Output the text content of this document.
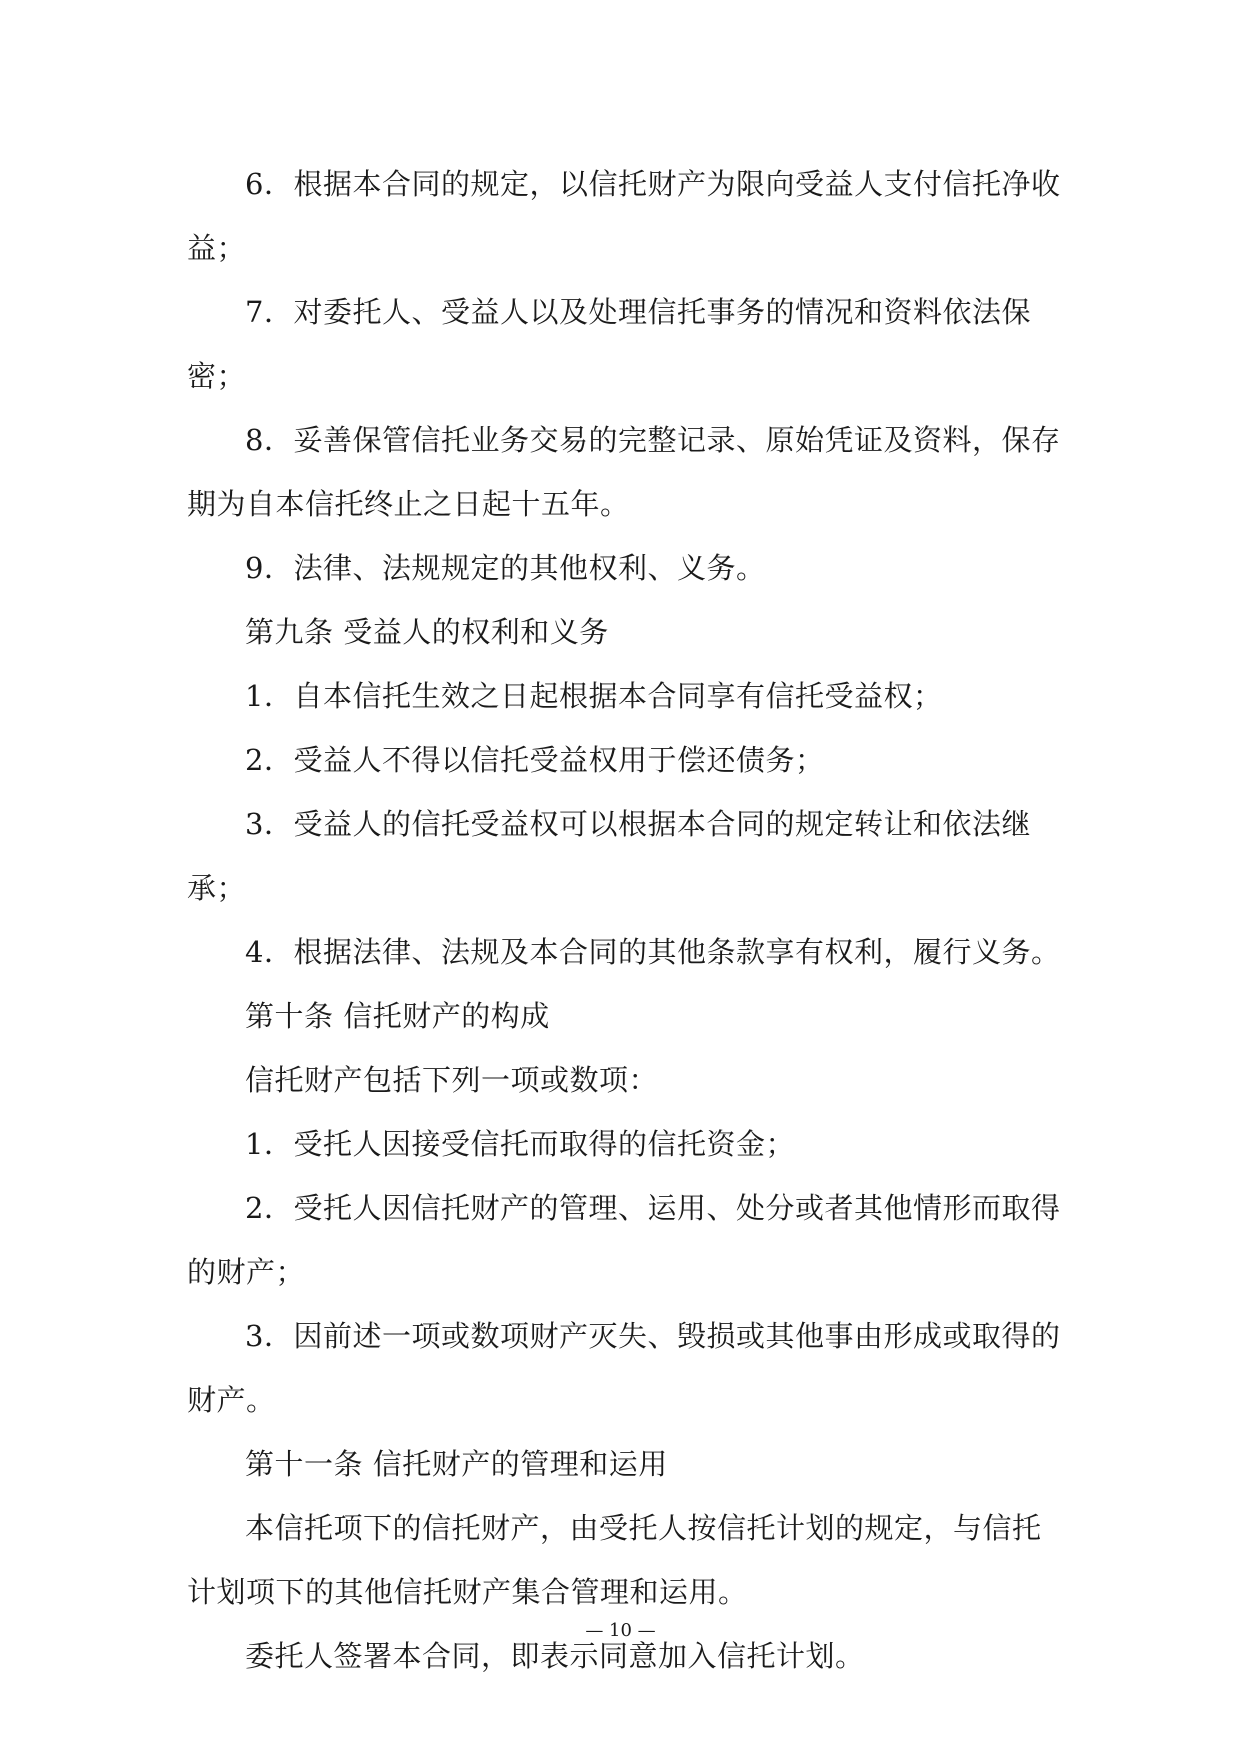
6．根据本合同的规定，以信托财产为限向受益人支付信托净收益；

7．对委托人、受益人以及处理信托事务的情况和资料依法保密；

8．妥善保管信托业务交易的完整记录、原始凭证及资料，保存期为自本信托终止之日起十五年。

9．法律、法规规定的其他权利、义务。

第九条 受益人的权利和义务

1．自本信托生效之日起根据本合同享有信托受益权；

2．受益人不得以信托受益权用于偿还债务；

3．受益人的信托受益权可以根据本合同的规定转让和依法继承；

4．根据法律、法规及本合同的其他条款享有权利，履行义务。

第十条 信托财产的构成

信托财产包括下列一项或数项：

1．受托人因接受信托而取得的信托资金；

2．受托人因信托财产的管理、运用、处分或者其他情形而取得的财产；

3．因前述一项或数项财产灭失、毁损或其他事由形成或取得的财产。

第十一条 信托财产的管理和运用

本信托项下的信托财产，由受托人按信托计划的规定，与信托计划项下的其他信托财产集合管理和运用。

委托人签署本合同，即表示同意加入信托计划。

— 10 —
